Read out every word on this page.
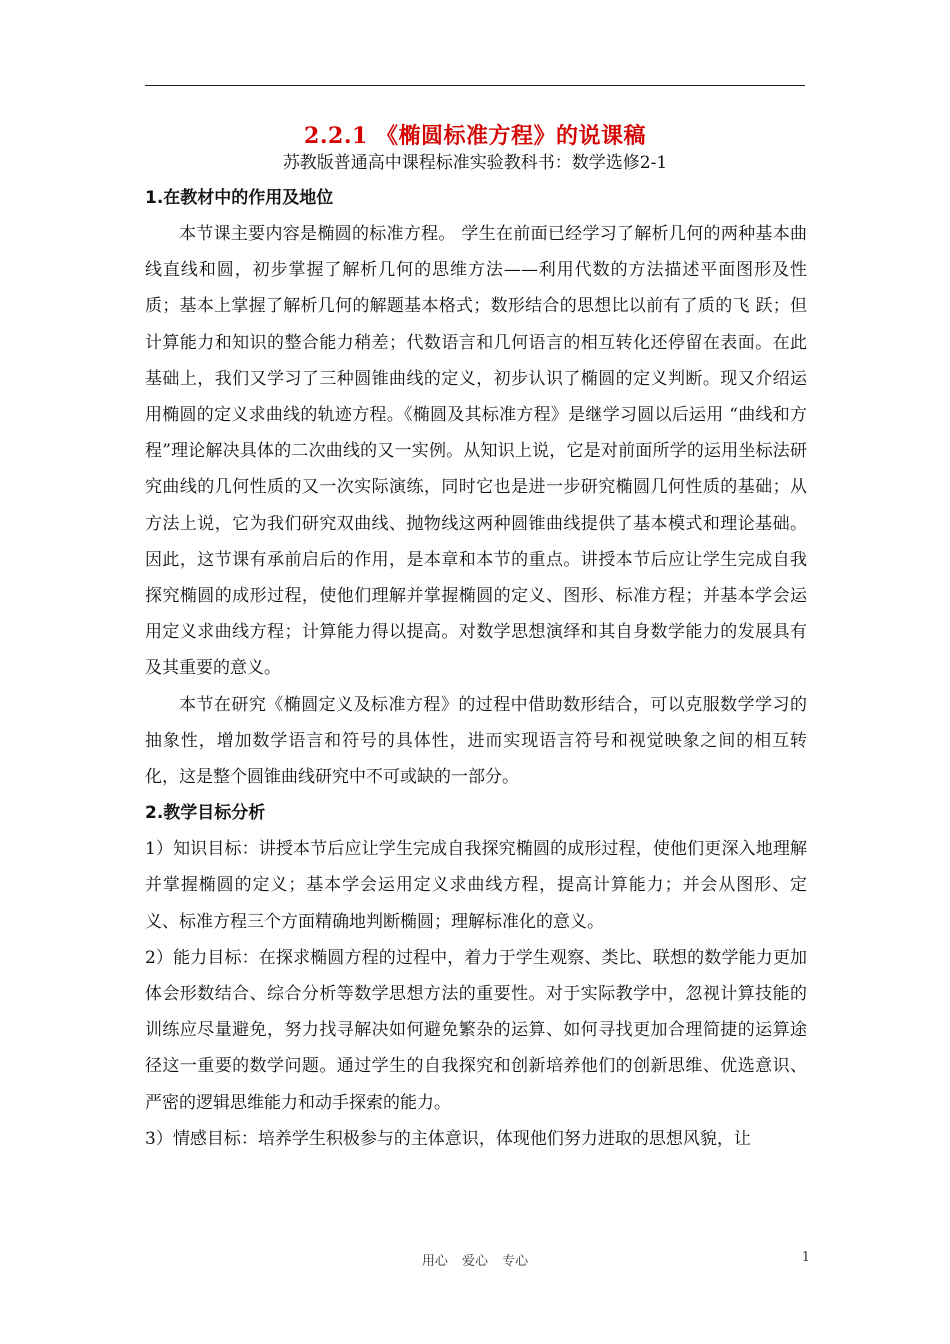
2.2.1 《椭圆标准方程》的说课稿
苏教版普通高中课程标准实验教科书：数学选修2-1
1.在教材中的作用及地位

本节课主要内容是椭圆的标准方程。 学生在前面已经学习了解析几何的两种基本曲线直线和圆，初步掌握了解析几何的思维方法——利用代数的方法描述平面图形及性质；基本上掌握了解析几何的解题基本格式；数形结合的思想比以前有了质的飞 跃；但计算能力和知识的整合能力稍差；代数语言和几何语言的相互转化还停留在表面。在此基础上，我们又学习了三种圆锥曲线的定义，初步认识了椭圆的定义判断。现又介绍运用椭圆的定义求曲线的轨迹方程。《椭圆及其标准方程》是继学习圆以后运用 “曲线和方程”理论解决具体的二次曲线的又一实例。从知识上说，它是对前面所学的运用坐标法研究曲线的几何性质的又一次实际演练，同时它也是进一步研究椭圆几何性质的基础；从方法上说，它为我们研究双曲线、抛物线这两种圆锥曲线提供了基本模式和理论基础。因此，这节课有承前启后的作用，是本章和本节的重点。讲授本节后应让学生完成自我探究椭圆的成形过程，使他们理解并掌握椭圆的定义、图形、标准方程；并基本学会运用定义求曲线方程；计算能力得以提高。对数学思想演绎和其自身数学能力的发展具有及其重要的意义。

本节在研究《椭圆定义及标准方程》的过程中借助数形结合，可以克服数学学习的抽象性，增加数学语言和符号的具体性，进而实现语言符号和视觉映象之间的相互转化，这是整个圆锥曲线研究中不可或缺的一部分。

2.教学目标分析

1）知识目标：讲授本节后应让学生完成自我探究椭圆的成形过程，使他们更深入地理解并掌握椭圆的定义；基本学会运用定义求曲线方程，提高计算能力；并会从图形、定义、标准方程三个方面精确地判断椭圆；理解标准化的意义。

2）能力目标：在探求椭圆方程的过程中，着力于学生观察、类比、联想的数学能力更加体会形数结合、综合分析等数学思想方法的重要性。对于实际教学中，忽视计算技能的训练应尽量避免，努力找寻解决如何避免繁杂的运算、如何寻找更加合理简捷的运算途径这一重要的数学问题。通过学生的自我探究和创新培养他们的创新思维、优选意识、严密的逻辑思维能力和动手探索的能力。

3）情感目标：培养学生积极参与的主体意识，体现他们努力进取的思想风貌，让

用心 爱心 专心	1
